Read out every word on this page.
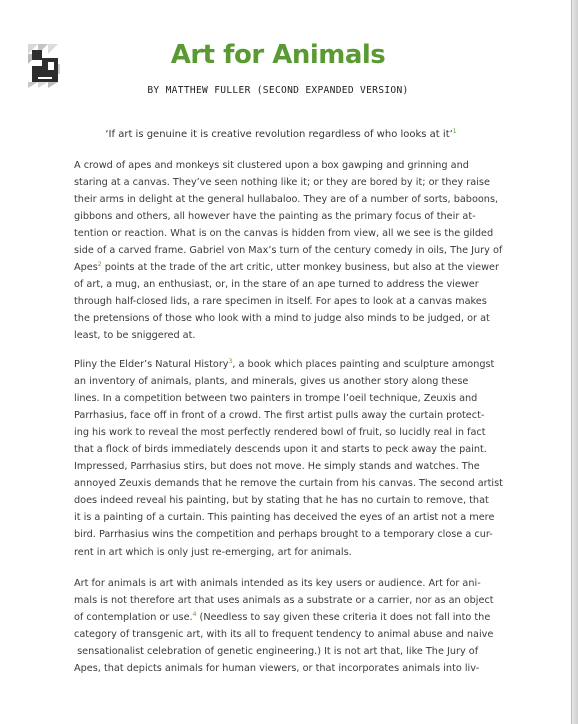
Art for Animals

BY MATTHEW FULLER (SECOND EXPANDED VERSION)

‘If art is genuine it is creative revolution regardless of who looks at it’$^1$

A crowd of apes and monkeys sit clustered upon a box gawping and grinning and
staring at a canvas. They’ve seen nothing like it; or they are bored by it; or they raise
their arms in delight at the general hullabaloo. They are of a number of sorts, baboons,
gibbons and others, all however have the painting as the primary focus of their at-
tention or reaction. What is on the canvas is hidden from view, all we see is the gilded
side of a carved frame. Gabriel von Max’s turn of the century comedy in oils, The Jury of
Apes$^2$ points at the trade of the art critic, utter monkey business, but also at the viewer
of art, a mug, an enthusiast, or, in the stare of an ape turned to address the viewer
through half-closed lids, a rare specimen in itself. For apes to look at a canvas makes
the pretensions of those who look with a mind to judge also minds to be judged, or at
least, to be sniggered at.
Pliny the Elder’s Natural History$^3$, a book which places painting and sculpture amongst
an inventory of animals, plants, and minerals, gives us another story along these
lines. In a competition between two painters in trompe l’oeil technique, Zeuxis and
Parrhasius, face off in front of a crowd. The first artist pulls away the curtain protect-
ing his work to reveal the most perfectly rendered bowl of fruit, so lucidly real in fact
that a flock of birds immediately descends upon it and starts to peck away the paint.
Impressed, Parrhasius stirs, but does not move. He simply stands and watches. The
annoyed Zeuxis demands that he remove the curtain from his canvas. The second artist
does indeed reveal his painting, but by stating that he has no curtain to remove, that
it is a painting of a curtain. This painting has deceived the eyes of an artist not a mere
bird. Parrhasius wins the competition and perhaps brought to a temporary close a cur-
rent in art which is only just re-emerging, art for animals.
Art for animals is art with animals intended as its key users or audience. Art for ani-
mals is not therefore art that uses animals as a substrate or a carrier, nor as an object
of contemplation or use.$^4$ (Needless to say given these criteria it does not fall into the
category of transgenic art, with its all to frequent tendency to animal abuse and naive
sensationalist celebration of genetic engineering.) It is not art that, like The Jury of
Apes, that depicts animals for human viewers, or that incorporates animals into liv-
